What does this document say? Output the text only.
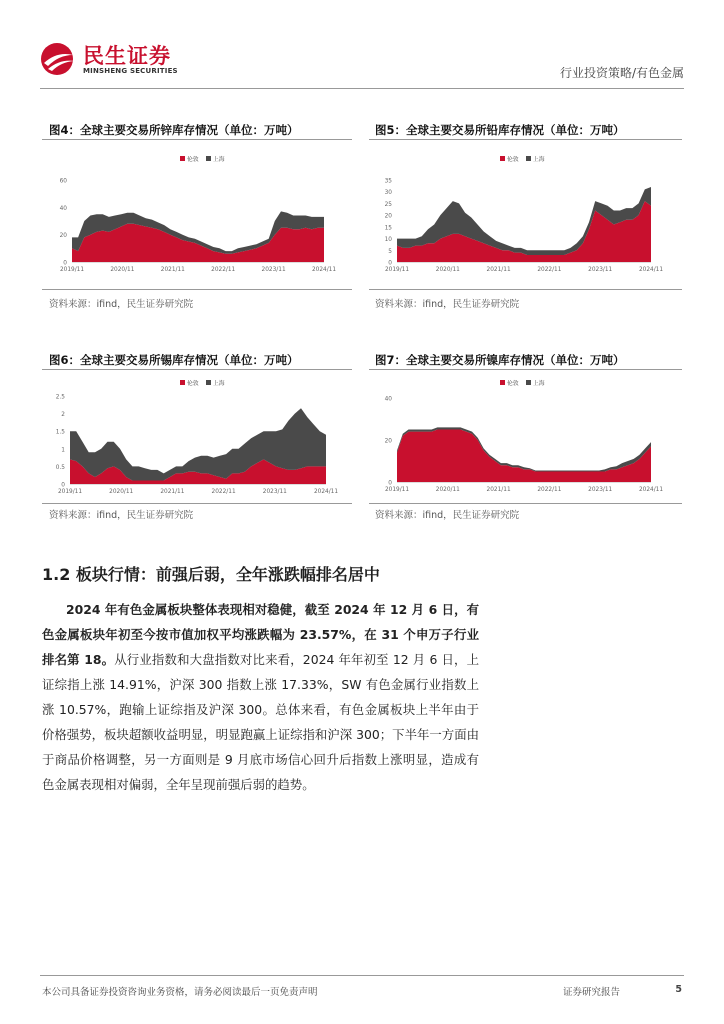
民生证券
MINSHENG SECURITIES	行业投资策略/有色金属
图4：全球主要交易所锌库存情况（单位：万吨）
0
20
40
60
2019/11	2020/11	2021/11	2022/11	2023/11	2024/11
伦敦 上海
资料来源：ifind，民生证券研究院
图5：全球主要交易所铅库存情况（单位：万吨）
0
5
10
15
20
25
30
35
2019/11	2020/11	2021/11	2022/11	2023/11	2024/11
伦敦 上海
资料来源：ifind，民生证券研究院
图6：全球主要交易所锡库存情况（单位：万吨）
0
0.5
1
1.5
2
2.5
2019/11	2020/11	2021/11	2022/11	2023/11	2024/11
伦敦 上海
资料来源：ifind，民生证券研究院
图7：全球主要交易所镍库存情况（单位：万吨）
0
20
40
2019/11	2020/11	2021/11	2022/11	2023/11	2024/11
伦敦 上海
资料来源：ifind，民生证券研究院
1.2 板块行情：前强后弱，全年涨跌幅排名居中
2024 年有色金属板块整体表现相对稳健，截至 2024 年 12 月 6 日，有色金属板块年初至今按市值加权平均涨跌幅为 23.57%，在 31 个申万子行业排名第 18。从行业指数和大盘指数对比来看，2024 年年初至 12 月 6 日，上证综指上涨 14.91%，沪深 300 指数上涨 17.33%，SW 有色金属行业指数上涨 10.57%，跑输上证综指及沪深 300。总体来看，有色金属板块上半年由于价格强势，板块超额收益明显，明显跑赢上证综指和沪深 300；下半年一方面由于商品价格调整，另一方面则是 9 月底市场信心回升后指数上涨明显，造成有色金属表现相对偏弱，全年呈现前强后弱的趋势。
本公司具备证券投资咨询业务资格，请务必阅读最后一页免责声明	证券研究报告	5
